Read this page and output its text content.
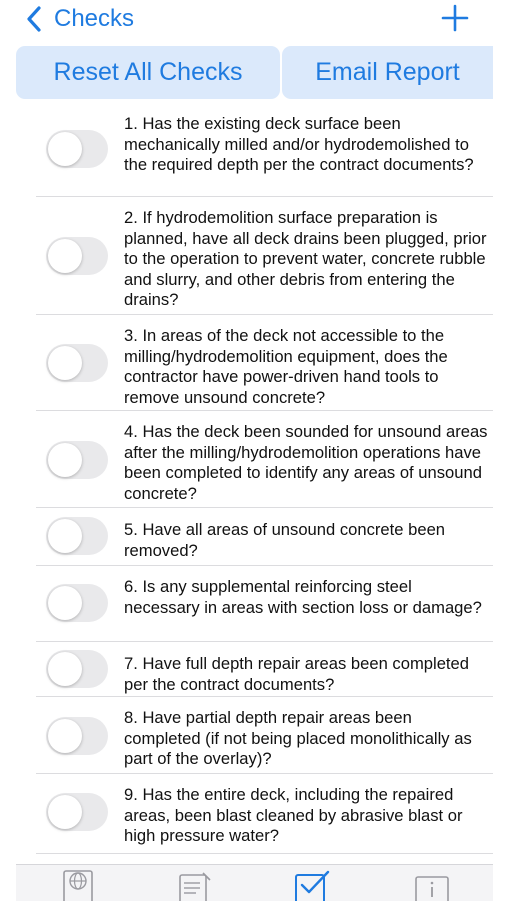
Checks
Reset All Checks	Email Report
1. Has the existing deck surface been mechanically milled and/or hydrodemolished to the required depth per the contract documents?
2. If hydrodemolition surface preparation is planned, have all deck drains been plugged, prior to the operation to prevent water, concrete rubble and slurry, and other debris from entering the drains?
3. In areas of the deck not accessible to the milling/hydrodemolition equipment, does the contractor have power-driven hand tools to remove unsound concrete?
4. Has the deck been sounded for unsound areas after the milling/hydrodemolition operations have been completed to identify any areas of unsound concrete?
5. Have all areas of unsound concrete been removed?
6. Is any supplemental reinforcing steel necessary in areas with section loss or damage?
7. Have full depth repair areas been completed per the contract documents?
8. Have partial depth repair areas been completed (if not being placed monolithically as part of the overlay)?
9. Has the entire deck, including the repaired areas, been blast cleaned by abrasive blast or high pressure water?
